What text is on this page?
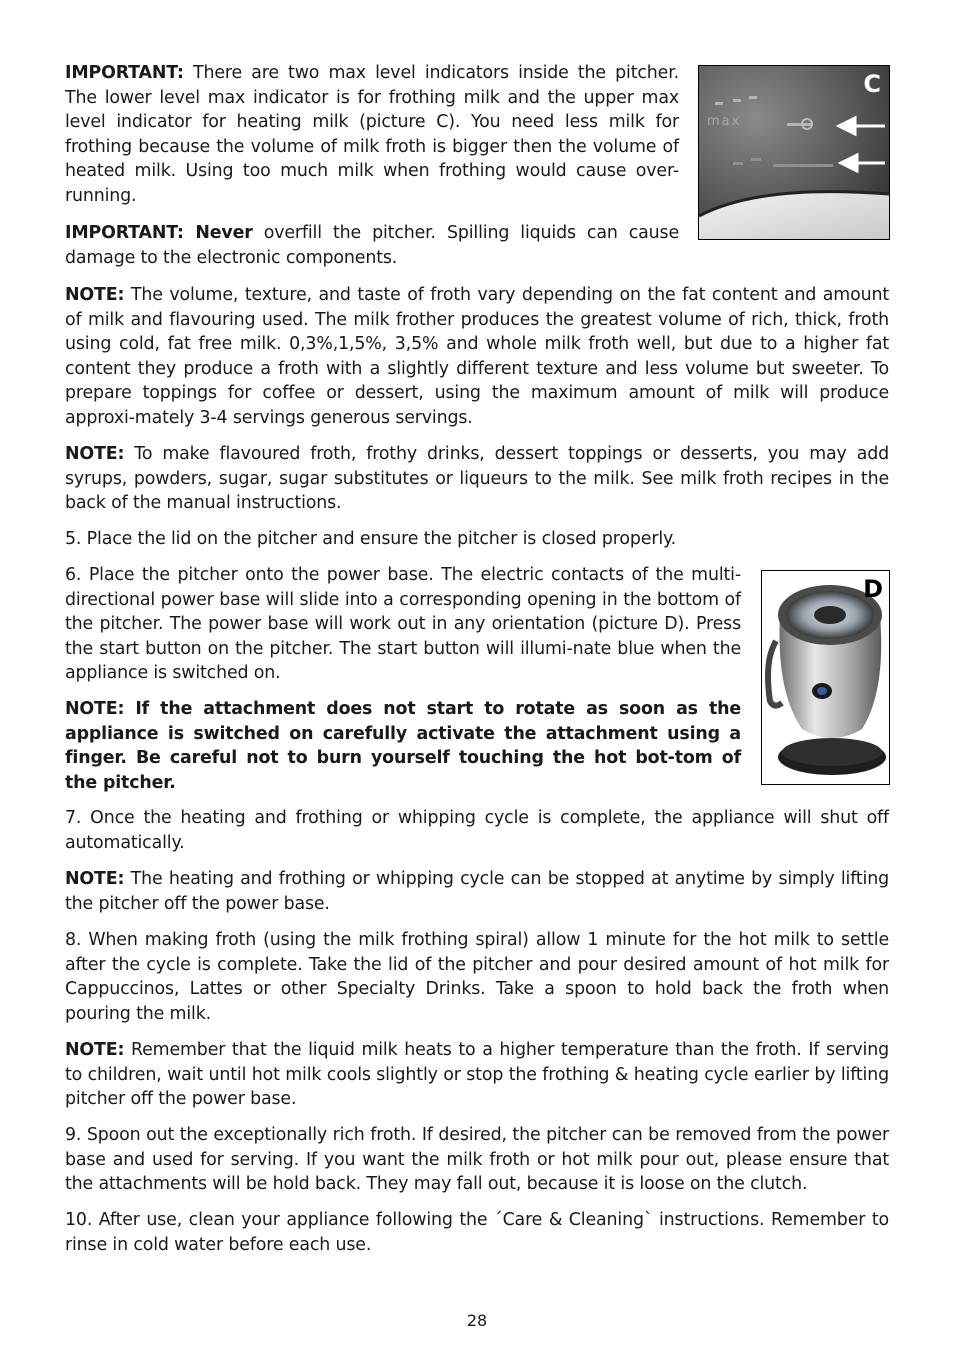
IMPORTANT: There are two max level indicators inside the pitcher. The lower level max indicator is for frothing milk and the upper max level indicator for heating milk (picture C). You need less milk for frothing because the volume of milk froth is bigger then the volume of heated milk. Using too much milk when frothing would cause over-running.

IMPORTANT: Never overfill the pitcher. Spilling liquids can cause damage to the electronic components.

NOTE: The volume, texture, and taste of froth vary depending on the fat content and amount of milk and flavouring used. The milk frother produces the greatest volume of rich, thick, froth using cold, fat free milk. 0,3%,1,5%, 3,5% and whole milk froth well, but due to a higher fat content they produce a froth with a slightly different texture and less volume but sweeter. To prepare toppings for coffee or dessert, using the maximum amount of milk will produce approxi-mately 3-4 servings generous servings.

NOTE: To make flavoured froth, frothy drinks, dessert toppings or desserts, you may add syrups, powders, sugar, sugar substitutes or liqueurs to the milk. See milk froth recipes in the back of the manual instructions.

5. Place the lid on the pitcher and ensure the pitcher is closed properly.

6. Place the pitcher onto the power base. The electric contacts of the multi-directional power base will slide into a corresponding opening in the bottom of the pitcher. The power base will work out in any orientation (picture D). Press the start button on the pitcher. The start button will illumi-nate blue when the appliance is switched on.

NOTE: If the attachment does not start to rotate as soon as the appliance is switched on carefully activate the attachment using a finger. Be careful not to burn yourself touching the hot bot-tom of the pitcher.

7. Once the heating and frothing or whipping cycle is complete, the appliance will shut off automatically.

NOTE: The heating and frothing or whipping cycle can be stopped at anytime by simply lifting the pitcher off the power base.

8. When making froth (using the milk frothing spiral) allow 1 minute for the hot milk to settle after the cycle is complete. Take the lid of the pitcher and pour desired amount of hot milk for Cappuccinos, Lattes or other Specialty Drinks. Take a spoon to hold back the froth when pouring the milk.

NOTE: Remember that the liquid milk heats to a higher temperature than the froth. If serving to children, wait until hot milk cools slightly or stop the frothing & heating cycle earlier by lifting pitcher off the power base.

9. Spoon out the exceptionally rich froth. If desired, the pitcher can be removed from the power base and used for serving. If you want the milk froth or hot milk pour out, please ensure that the attachments will be hold back. They may fall out, because it is loose on the clutch.

10. After use, clean your appliance following the ´Care & Cleaning` instructions. Remember to rinse in cold water before each use.

max
C
D
28
